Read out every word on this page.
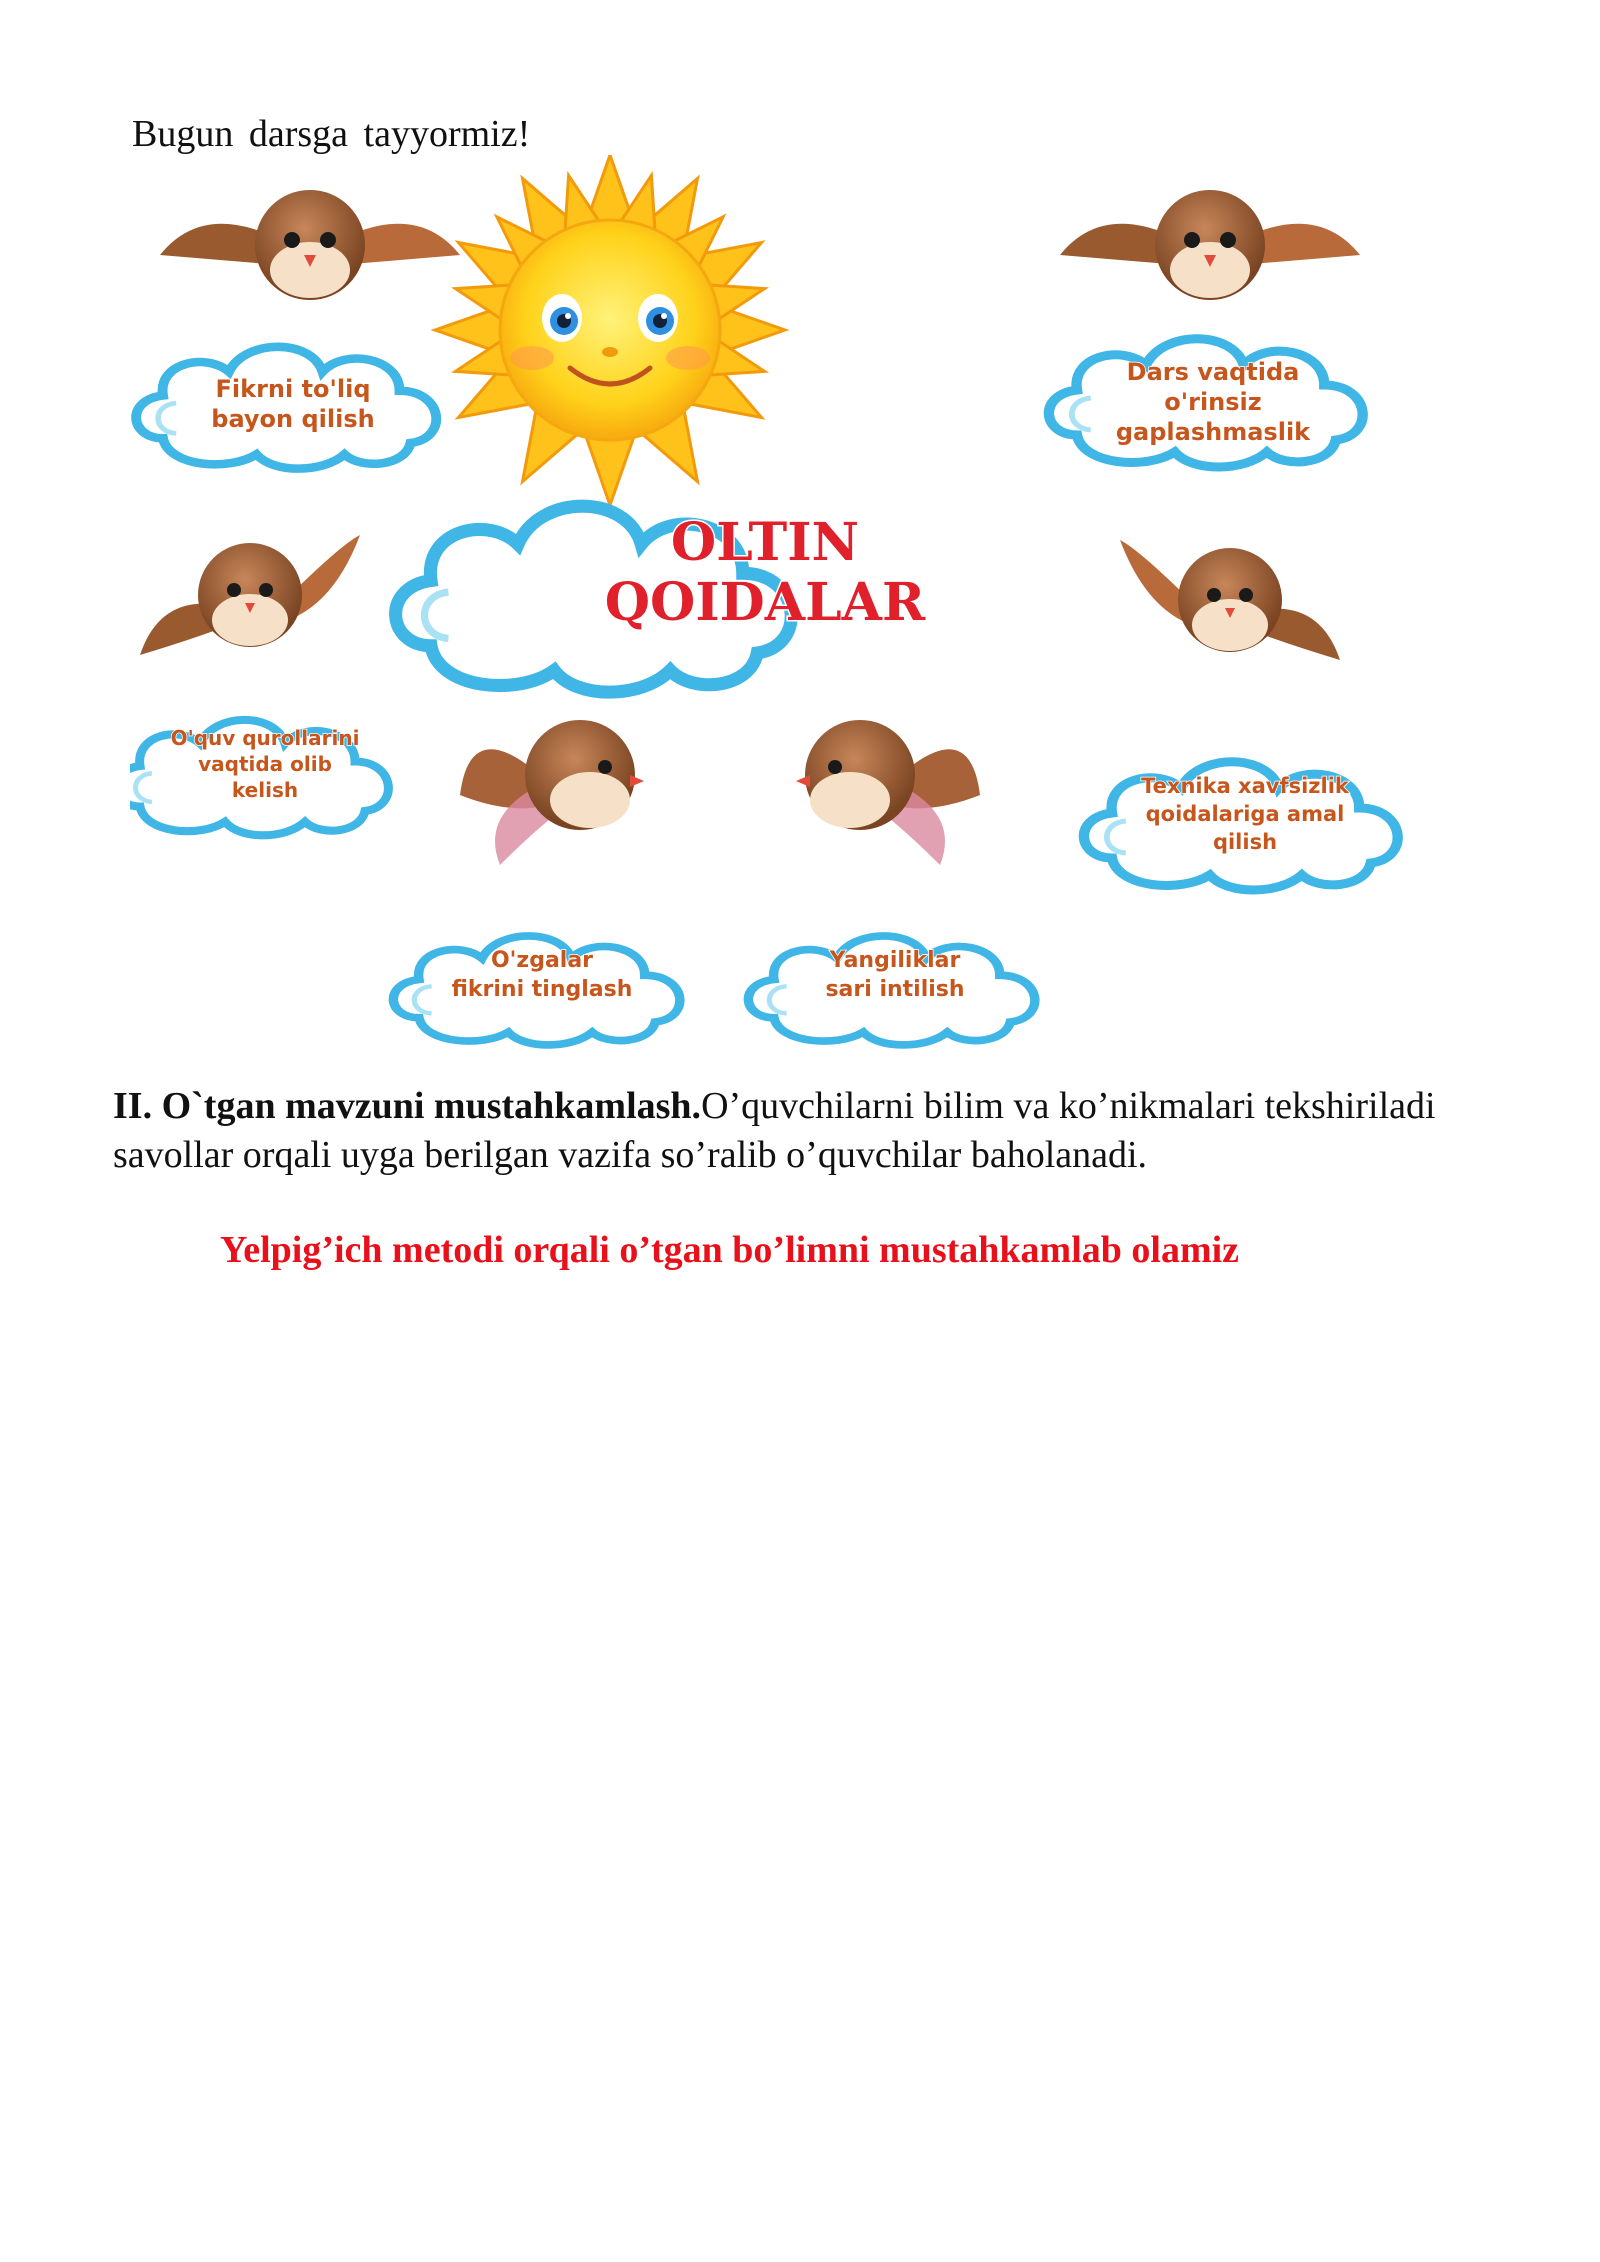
Bugun darsga tayyormiz!

OLTIN
QOIDALAR
Fikrni to'liq
bayon qilish
Dars vaqtida
o'rinsiz
gaplashmaslik
O'quv qurollarini
vaqtida olib
kelish	Texnika xavfsizlik
qoidalariga amal
qilish
O'zgalar
fikrini tinglash
Yangiliklar
sari intilish

II. O`tgan mavzuni mustahkamlash.O’quvchilarni bilim va ko’nikmalari tekshiriladi savollar orqali uyga berilgan vazifa so’ralib o’quvchilar baholanadi.

Yelpig’ich metodi orqali o’tgan bo’limni mustahkamlab olamiz
